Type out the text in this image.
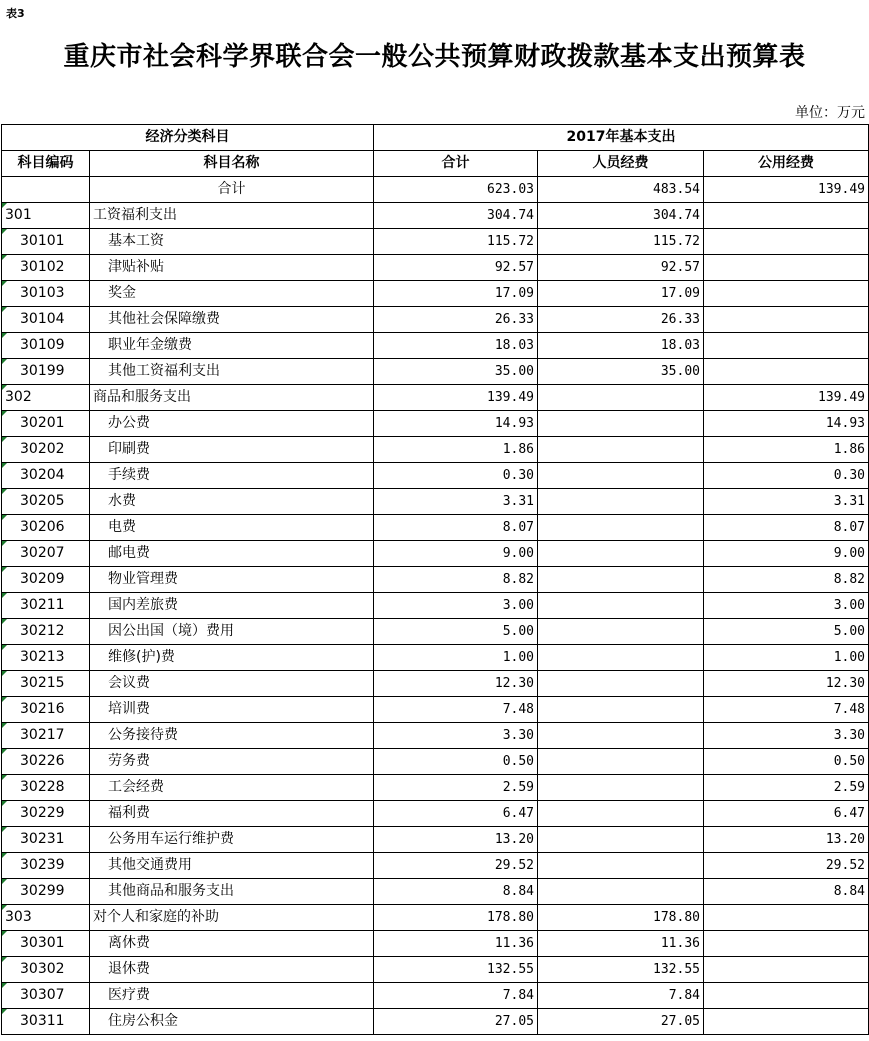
表3
重庆市社会科学界联合会一般公共预算财政拨款基本支出预算表
单位：万元
经济分类科目		2017年基本支出		
科目编码	科目名称	合计	人员经费	公用经费
	合计	623.03	483.54	139.49
301	工资福利支出	304.74	304.74	
30101	基本工资	115.72	115.72	
30102	津贴补贴	92.57	92.57	
30103	奖金	17.09	17.09	
30104	其他社会保障缴费	26.33	26.33	
30109	职业年金缴费	18.03	18.03	
30199	其他工资福利支出	35.00	35.00	
302	商品和服务支出	139.49		139.49
30201	办公费	14.93		14.93
30202	印刷费	1.86		1.86
30204	手续费	0.30		0.30
30205	水费	3.31		3.31
30206	电费	8.07		8.07
30207	邮电费	9.00		9.00
30209	物业管理费	8.82		8.82
30211	国内差旅费	3.00		3.00
30212	因公出国（境）费用	5.00		5.00
30213	维修(护)费	1.00		1.00
30215	会议费	12.30		12.30
30216	培训费	7.48		7.48
30217	公务接待费	3.30		3.30
30226	劳务费	0.50		0.50
30228	工会经费	2.59		2.59
30229	福利费	6.47		6.47
30231	公务用车运行维护费	13.20		13.20
30239	其他交通费用	29.52		29.52
30299	其他商品和服务支出	8.84		8.84
303	对个人和家庭的补助	178.80	178.80	
30301	离休费	11.36	11.36	
30302	退休费	132.55	132.55	
30307	医疗费	7.84	7.84	
30311	住房公积金	27.05	27.05	
